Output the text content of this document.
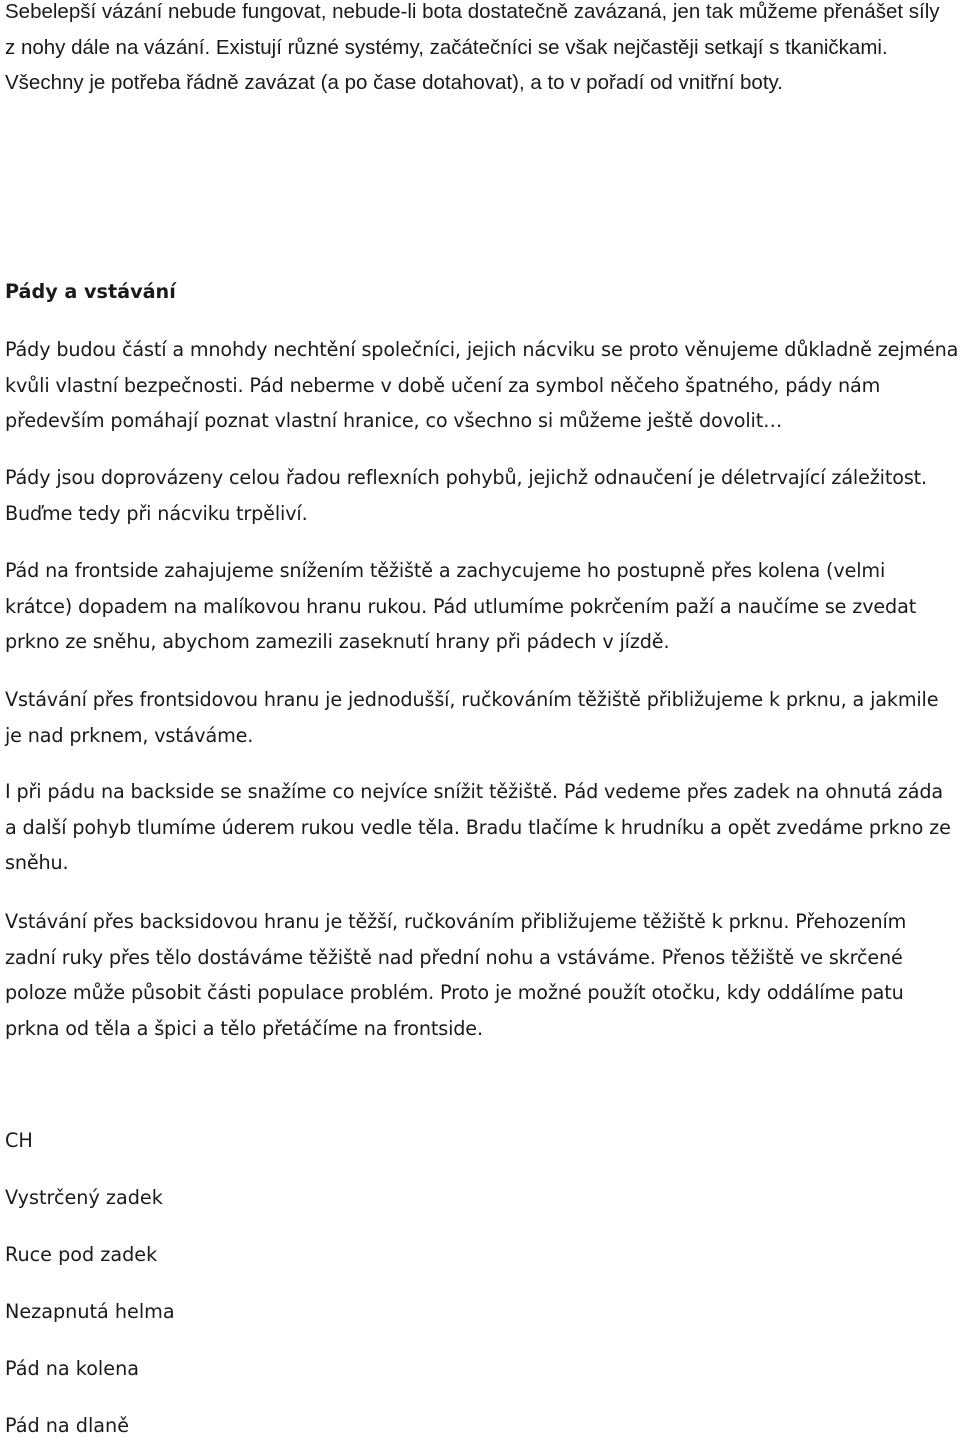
Sebelepší vázání nebude fungovat, nebude-li bota dostatečně zavázaná, jen tak můžeme přenášet síly z nohy dále na vázání. Existují různé systémy, začátečníci se však nejčastěji setkají s tkaničkami. Všechny je potřeba řádně zavázat (a po čase dotahovat), a to v pořadí od vnitřní boty.

Pády a vstávání

Pády budou částí a mnohdy nechtění společníci, jejich nácviku se proto věnujeme důkladně zejména kvůli vlastní bezpečnosti. Pád neberme v době učení za symbol něčeho špatného, pády nám především pomáhají poznat vlastní hranice, co všechno si můžeme ještě dovolit…

Pády jsou doprovázeny celou řadou reflexních pohybů, jejichž odnaučení je déletrvající záležitost. Buďme tedy při nácviku trpěliví.

Pád na frontside zahajujeme snížením těžiště a zachycujeme ho postupně přes kolena (velmi krátce) dopadem na malíkovou hranu rukou. Pád utlumíme pokrčením paží a naučíme se zvedat prkno ze sněhu, abychom zamezili zaseknutí hrany při pádech v jízdě.

Vstávání přes frontsidovou hranu je jednodušší, ručkováním těžiště přibližujeme k prknu, a jakmile je nad prknem, vstáváme.

I při pádu na backside se snažíme co nejvíce snížit těžiště. Pád vedeme přes zadek na ohnutá záda a další pohyb tlumíme úderem rukou vedle těla. Bradu tlačíme k hrudníku a opět zvedáme prkno ze sněhu.

Vstávání přes backsidovou hranu je těžší, ručkováním přibližujeme těžiště k prknu. Přehozením zadní ruky přes tělo dostáváme těžiště nad přední nohu a vstáváme. Přenos těžiště ve skrčené poloze může působit části populace problém. Proto je možné použít otočku, kdy oddálíme patu prkna od těla a špici a tělo přetáčíme na frontside.

CH

Vystrčený zadek

Ruce pod zadek

Nezapnutá helma

Pád na kolena

Pád na dlaně
